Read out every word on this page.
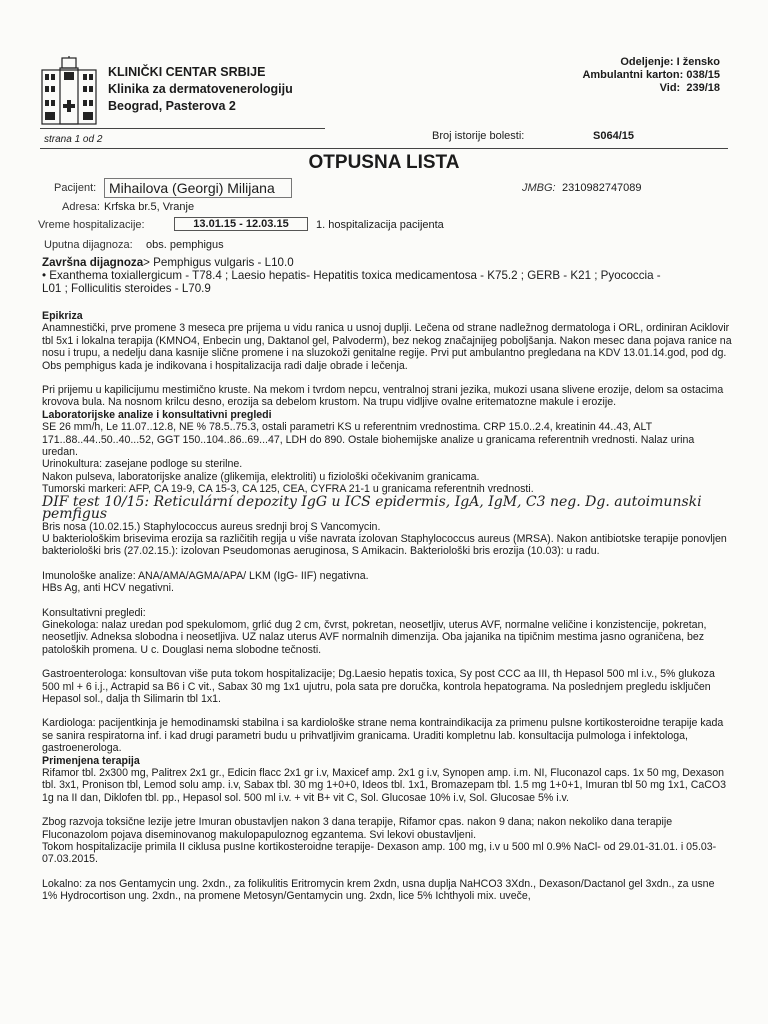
KLINIČKI CENTAR SRBIJE
Klinika za dermatovenerologiju
Beograd, Pasterova 2
Odeljenje: I žensko
Ambulantni karton: 038/15
Vid: 239/18
strana 1 od 2	Broj istorije bolesti:	S064/15
OTPUSNA LISTA
Pacijent: Mihailova (Georgi) Milijana	JMBG: 2310982747089
Adresa: Krfska br.5, Vranje
Vreme hospitalizacije:	13.01.15 - 12.03.15	1. hospitalizacija pacijenta
Uputna dijagnoza: obs. pemphigus
Završna dijagnoza> Pemphigus vulgaris - L10.0
• Exanthema toxiallergicum - T78.4 ; Laesio hepatis- Hepatitis toxica medicamentosa - K75.2 ; GERB - K21 ; Pyococcia - L01 ; Folliculitis steroides - L70.9

Epikriza

Anamnestički, prve promene 3 meseca pre prijema u vidu ranica u usnoj duplji. Lečena od strane nadležnog dermatologa i ORL, ordiniran Aciklovir tbl 5x1 i lokalna terapija (KMNO4, Enbecin ung, Daktanol gel, Palvoderm), bez nekog značajnijeg poboljšanja. Nakon mesec dana pojava ranice na nosu i trupu, a nedelju dana kasnije slične promene i na sluzokoži genitalne regije. Prvi put ambulantno pregledana na KDV 13.01.14.god, pod dg. Obs pemphigus kada je indikovana i hospitalizacija radi dalje obrade i lečenja.

Pri prijemu u kapilicijumu mestimično kruste. Na mekom i tvrdom nepcu, ventralnoj strani jezika, mukozi usana slivene erozije, delom sa ostacima krovova bula. Na nosnom krilcu desno, erozija sa debelom krustom. Na trupu vidljive ovalne eritematozne makule i erozije.

Laboratorijske analize i konsultativni pregledi

SE 26 mm/h, Le 11.07..12.8, NE % 78.5..75.3, ostali parametri KS u referentnim vrednostima. CRP 15.0..2.4, kreatinin 44..43, ALT 171..88..44..50..40...52, GGT 150..104..86..69...47, LDH do 890. Ostale biohemijske analize u granicama referentnih vrednosti. Nalaz urina uredan.

Urinokultura: zasejane podloge su sterilne.

Nakon pulseva, laboratorijske analize (glikemija, elektroliti) u fiziološki očekivanim granicama.

Tumorski markeri: AFP, CA 19-9, CA 15-3, CA 125, CEA, CYFRA 21-1 u granicama referentnih vrednosti.

DIF test 10/15: Reticulární depozity IgG u ICS epidermis, IgA, IgM, C3 neg. Dg. autoimunski pemfigus

Bris nosa (10.02.15.) Staphylococcus aureus srednji broj S Vancomycin.

U bakteriološkim brisevima erozija sa različitih regija u više navrata izolovan Staphylococcus aureus (MRSA). Nakon antibiotske terapije ponovljen bakteriološki bris (27.02.15.): izolovan Pseudomonas aeruginosa, S Amikacin. Bakteriološki bris erozija (10.03): u radu.

Imunološke analize: ANA/AMA/AGMA/APA/ LKM (IgG- IIF) negativna.

HBs Ag, anti HCV negativni.

Konsultativni pregledi:

Ginekologa: nalaz uredan pod spekulomom, grlić dug 2 cm, čvrst, pokretan, neosetljiv, uterus AVF, normalne veličine i konzistencije, pokretan, neosetljiv. Adneksa slobodna i neosetljiva. UZ nalaz uterus AVF normalnih dimenzija. Oba jajanika na tipičnim mestima jasno ograničena, bez patoloških promena. U c. Douglasi nema slobodne tečnosti.

Gastroenterologa: konsultovan više puta tokom hospitalizacije; Dg.Laesio hepatis toxica, Sy post CCC aa III, th Hepasol 500 ml i.v., 5% glukoza 500 ml + 6 i.j., Actrapid sa B6 i C vit., Sabax 30 mg 1x1 ujutru, pola sata pre doručka, kontrola hepatograma. Na poslednjem pregledu isključen Hepasol sol., dalja th Silimarin tbl 1x1.

Kardiologa: pacijentkinja je hemodinamski stabilna i sa kardiološke strane nema kontraindikacija za primenu pulsne kortikosteroidne terapije kada se sanira respiratorna inf. i kad drugi parametri budu u prihvatljivim granicama. Uraditi kompletnu lab. konsultacija pulmologa i infektologa, gastroenerologa.

Primenjena terapija

Rifamor tbl. 2x300 mg, Palitrex 2x1 gr., Edicin flacc 2x1 gr i.v, Maxicef amp. 2x1 g i.v, Synopen amp. i.m. NI, Fluconazol caps. 1x 50 mg, Dexason tbl. 3x1, Pronison tbl, Lemod solu amp. i.v, Sabax tbl. 30 mg 1+0+0, Ideos tbl. 1x1, Bromazepam tbl. 1.5 mg 1+0+1, Imuran tbl 50 mg 1x1, CaCO3 1g na II dan, Diklofen tbl. pp., Hepasol sol. 500 ml i.v. + vit B+ vit C, Sol. Glucosae 10% i.v, Sol. Glucosae 5% i.v.

Zbog razvoja toksične lezije jetre Imuran obustavljen nakon 3 dana terapije, Rifamor cpas. nakon 9 dana; nakon nekoliko dana terapije Fluconazolom pojava diseminovanog makulopapuloznog egzantema. Svi lekovi obustavljeni.

Tokom hospitalizacije primila II ciklusa pusIne kortikosteroidne terapije- Dexason amp. 100 mg, i.v u 500 ml 0.9% NaCl- od 29.01-31.01. i 05.03-07.03.2015.

Lokalno: za nos Gentamycin ung. 2xdn., za folikulitis Eritromycin krem 2xdn, usna duplja NaHCO3 3Xdn., Dexason/Dactanol gel 3xdn., za usne 1% Hydrocortison ung. 2xdn., na promene Metosyn/Gentamycin ung. 2xdn, lice 5% Ichthyoli mix. uveče,
